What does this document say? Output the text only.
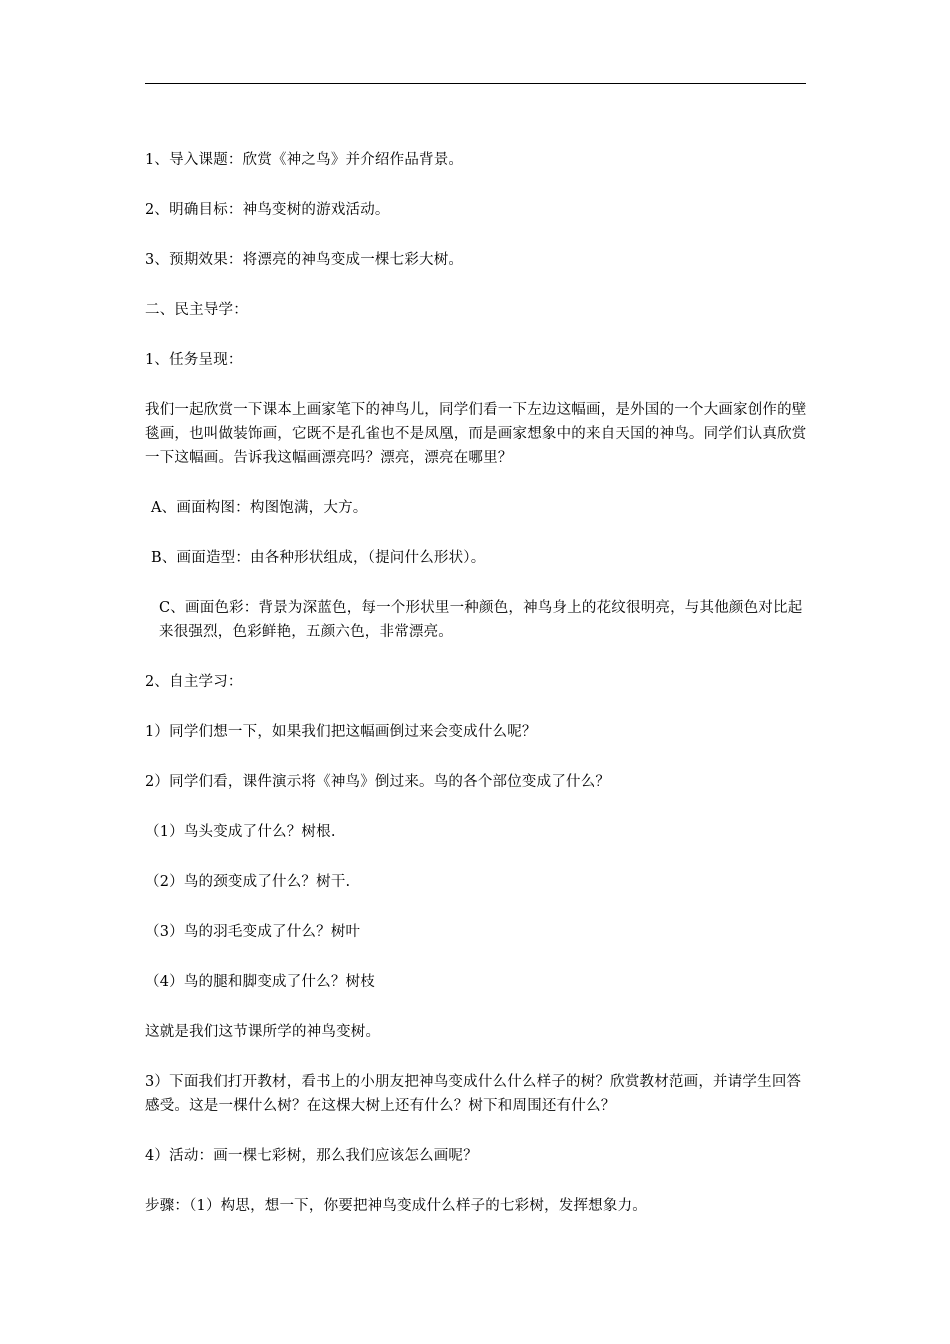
1、导入课题：欣赏《神之鸟》并介绍作品背景。

2、明确目标：神鸟变树的游戏活动。

3、预期效果：将漂亮的神鸟变成一棵七彩大树。

二、民主导学：

1、任务呈现：

我们一起欣赏一下课本上画家笔下的神鸟儿，同学们看一下左边这幅画，是外国的一个大画家创作的壁毯画，也叫做装饰画，它既不是孔雀也不是凤凰，而是画家想象中的来自天国的神鸟。同学们认真欣赏一下这幅画。告诉我这幅画漂亮吗？漂亮，漂亮在哪里？

A、画面构图：构图饱满，大方。

B、画面造型：由各种形状组成，（提问什么形状）。

C、画面色彩：背景为深蓝色，每一个形状里一种颜色，神鸟身上的花纹很明亮，与其他颜色对比起来很强烈，色彩鲜艳，五颜六色，非常漂亮。

2、自主学习：

1）同学们想一下，如果我们把这幅画倒过来会变成什么呢？

2）同学们看，课件演示将《神鸟》倒过来。鸟的各个部位变成了什么？

（1）鸟头变成了什么？树根.

（2）鸟的颈变成了什么？树干.

（3）鸟的羽毛变成了什么？树叶

（4）鸟的腿和脚变成了什么？树枝

这就是我们这节课所学的神鸟变树。

3）下面我们打开教材，看书上的小朋友把神鸟变成什么什么样子的树？欣赏教材范画，并请学生回答感受。这是一棵什么树？在这棵大树上还有什么？树下和周围还有什么？

4）活动：画一棵七彩树，那么我们应该怎么画呢？

步骤：（1）构思，想一下，你要把神鸟变成什么样子的七彩树，发挥想象力。
